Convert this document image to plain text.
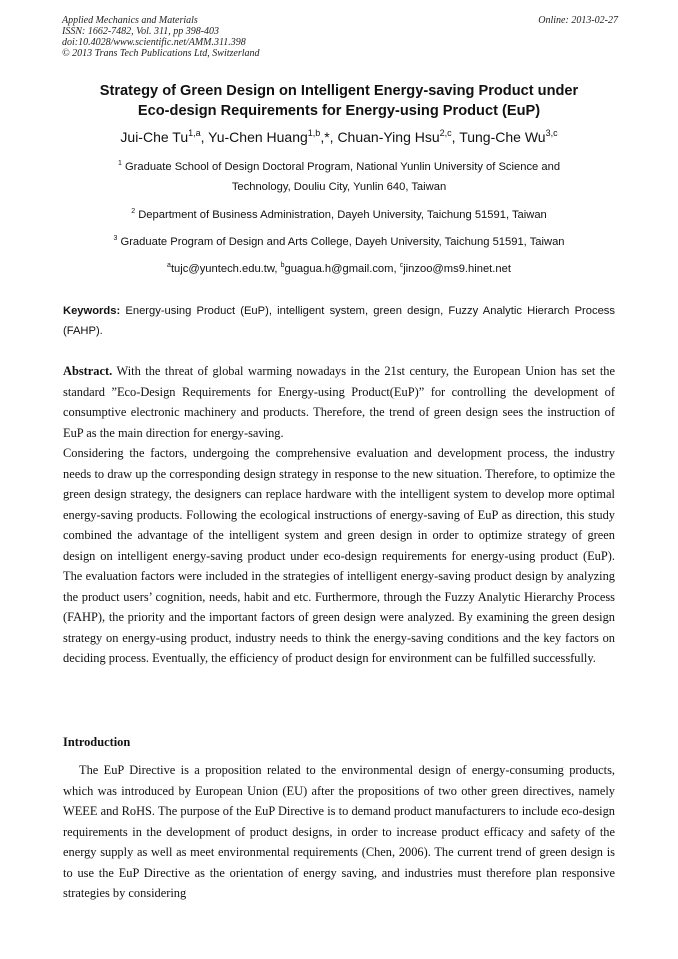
Applied Mechanics and Materials
ISSN: 1662-7482, Vol. 311, pp 398-403
doi:10.4028/www.scientific.net/AMM.311.398
© 2013 Trans Tech Publications Ltd, Switzerland
Online: 2013-02-27
Strategy of Green Design on Intelligent Energy-saving Product under
Eco-design Requirements for Energy-using Product (EuP)
Jui-Che Tu$^{1,a}$, Yu-Chen Huang$^{1,b}$,*, Chuan-Ying Hsu$^{2,c}$, Tung-Che Wu$^{3,c}$
$^1$ Graduate School of Design Doctoral Program, National Yunlin University of Science and
Technology, Douliu City, Yunlin 640, Taiwan
$^2$ Department of Business Administration, Dayeh University, Taichung 51591, Taiwan
$^3$ Graduate Program of Design and Arts College, Dayeh University, Taichung 51591, Taiwan
$^a$tujc@yuntech.edu.tw, $^b$guagua.h@gmail.com, $^c$jinzoo@ms9.hinet.net
Keywords: Energy-using Product (EuP), intelligent system, green design, Fuzzy Analytic Hierarch Process (FAHP).

Abstract. With the threat of global warming nowadays in the 21st century, the European Union has set the standard ”Eco-Design Requirements for Energy-using Product(EuP)” for controlling the development of consumptive electronic machinery and products. Therefore, the trend of green design sees the instruction of EuP as the main direction for energy-saving.

Considering the factors, undergoing the comprehensive evaluation and development process, the industry needs to draw up the corresponding design strategy in response to the new situation. Therefore, to optimize the green design strategy, the designers can replace hardware with the intelligent system to develop more optimal energy-saving products. Following the ecological instructions of energy-saving of EuP as direction, this study combined the advantage of the intelligent system and green design in order to optimize strategy of green design on intelligent energy-saving product under eco-design requirements for energy-using product (EuP). The evaluation factors were included in the strategies of intelligent energy-saving product design by analyzing the product users’ cognition, needs, habit and etc. Furthermore, through the Fuzzy Analytic Hierarchy Process (FAHP), the priority and the important factors of green design were analyzed. By examining the green design strategy on energy-using product, industry needs to think the energy-saving conditions and the key factors on deciding process. Eventually, the efficiency of product design for environment can be fulfilled successfully.

Introduction

The EuP Directive is a proposition related to the environmental design of energy-consuming products, which was introduced by European Union (EU) after the propositions of two other green directives, namely WEEE and RoHS. The purpose of the EuP Directive is to demand product manufacturers to include eco-design requirements in the development of product designs, in order to increase product efficacy and safety of the energy supply as well as meet environmental requirements (Chen, 2006). The current trend of green design is to use the EuP Directive as the orientation of energy saving, and industries must therefore plan responsive strategies by considering
